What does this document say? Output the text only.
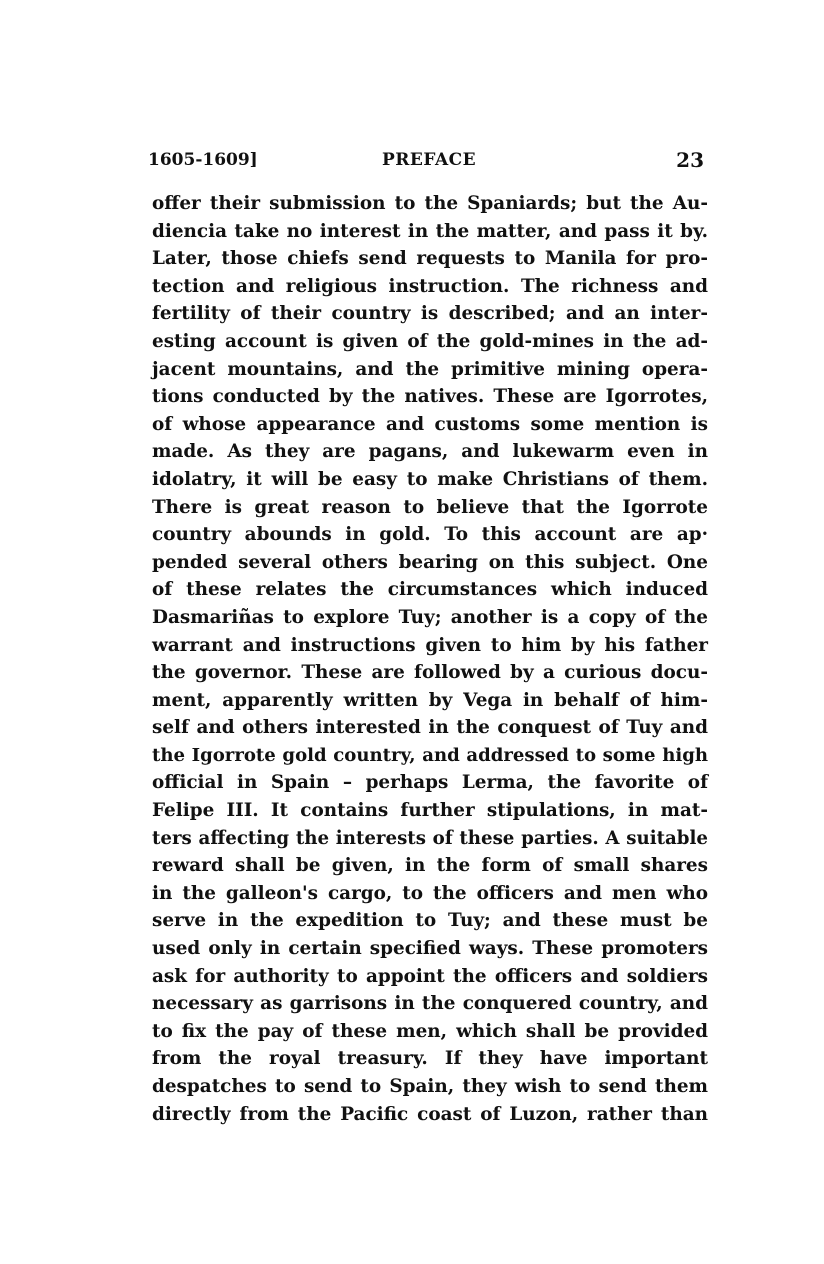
1605-1609]	PREFACE	23
offer their submission to the Spaniards; but the Au-
diencia take no interest in the matter, and pass it by.
Later, those chiefs send requests to Manila for pro-
tection and religious instruction. The richness and
fertility of their country is described; and an inter-
esting account is given of the gold-mines in the ad-
jacent mountains, and the primitive mining opera-
tions conducted by the natives. These are Igorrotes,
of whose appearance and customs some mention is
made. As they are pagans, and lukewarm even in
idolatry, it will be easy to make Christians of them.
There is great reason to believe that the Igorrote
country abounds in gold. To this account are ap·
pended several others bearing on this subject. One
of these relates the circumstances which induced
Dasmariñas to explore Tuy; another is a copy of the
warrant and instructions given to him by his father
the governor. These are followed by a curious docu-
ment, apparently written by Vega in behalf of him-
self and others interested in the conquest of Tuy and
the Igorrote gold country, and addressed to some high
official in Spain – perhaps Lerma, the favorite of
Felipe III. It contains further stipulations, in mat-
ters affecting the interests of these parties. A suitable
reward shall be given, in the form of small shares
in the galleon's cargo, to the officers and men who
serve in the expedition to Tuy; and these must be
used only in certain specified ways. These promoters
ask for authority to appoint the officers and soldiers
necessary as garrisons in the conquered country, and
to fix the pay of these men, which shall be provided
from the royal treasury. If they have important
despatches to send to Spain, they wish to send them
directly from the Pacific coast of Luzon, rather than
